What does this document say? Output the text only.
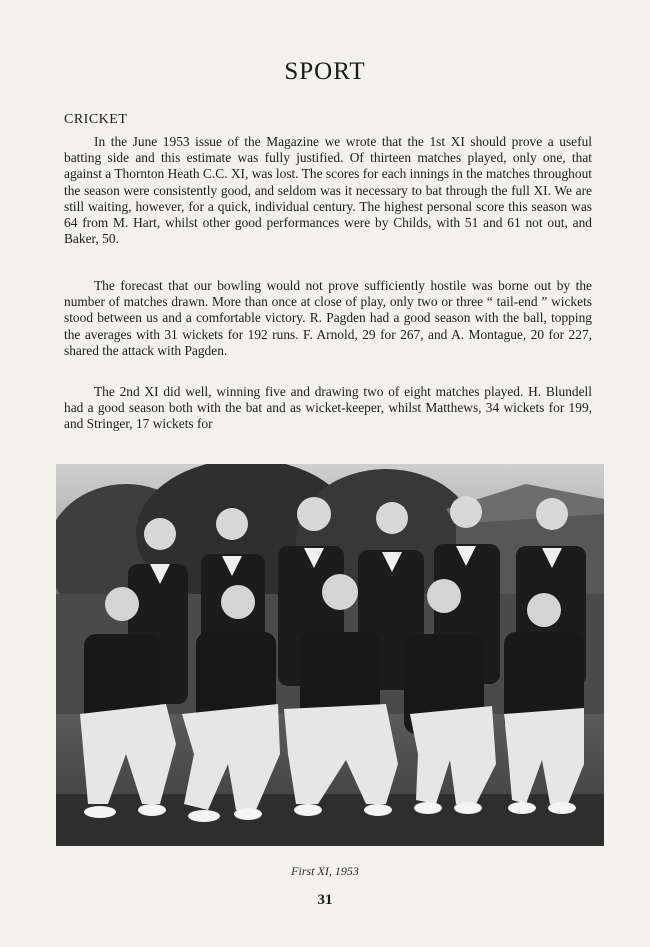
SPORT
CRICKET

In the June 1953 issue of the Magazine we wrote that the 1st XI should prove a useful batting side and this estimate was fully justified. Of thirteen matches played, only one, that against a Thornton Heath C.C. XI, was lost. The scores for each innings in the matches throughout the season were consistently good, and seldom was it necessary to bat through the full XI. We are still waiting, however, for a quick, individual century. The highest personal score this season was 64 from M. Hart, whilst other good performances were by Childs, with 51 and 61 not out, and Baker, 50.

The forecast that our bowling would not prove sufficiently hostile was borne out by the number of matches drawn. More than once at close of play, only two or three “ tail-end ” wickets stood between us and a comfortable victory. R. Pagden had a good season with the ball, topping the averages with 31 wickets for 192 runs. F. Arnold, 29 for 267, and A. Montague, 20 for 227, shared the attack with Pagden.

The 2nd XI did well, winning five and drawing two of eight matches played. H. Blundell had a good season both with the bat and as wicket-keeper, whilst Matthews, 34 wickets for 199, and Stringer, 17 wickets for

First XI, 1953
31
